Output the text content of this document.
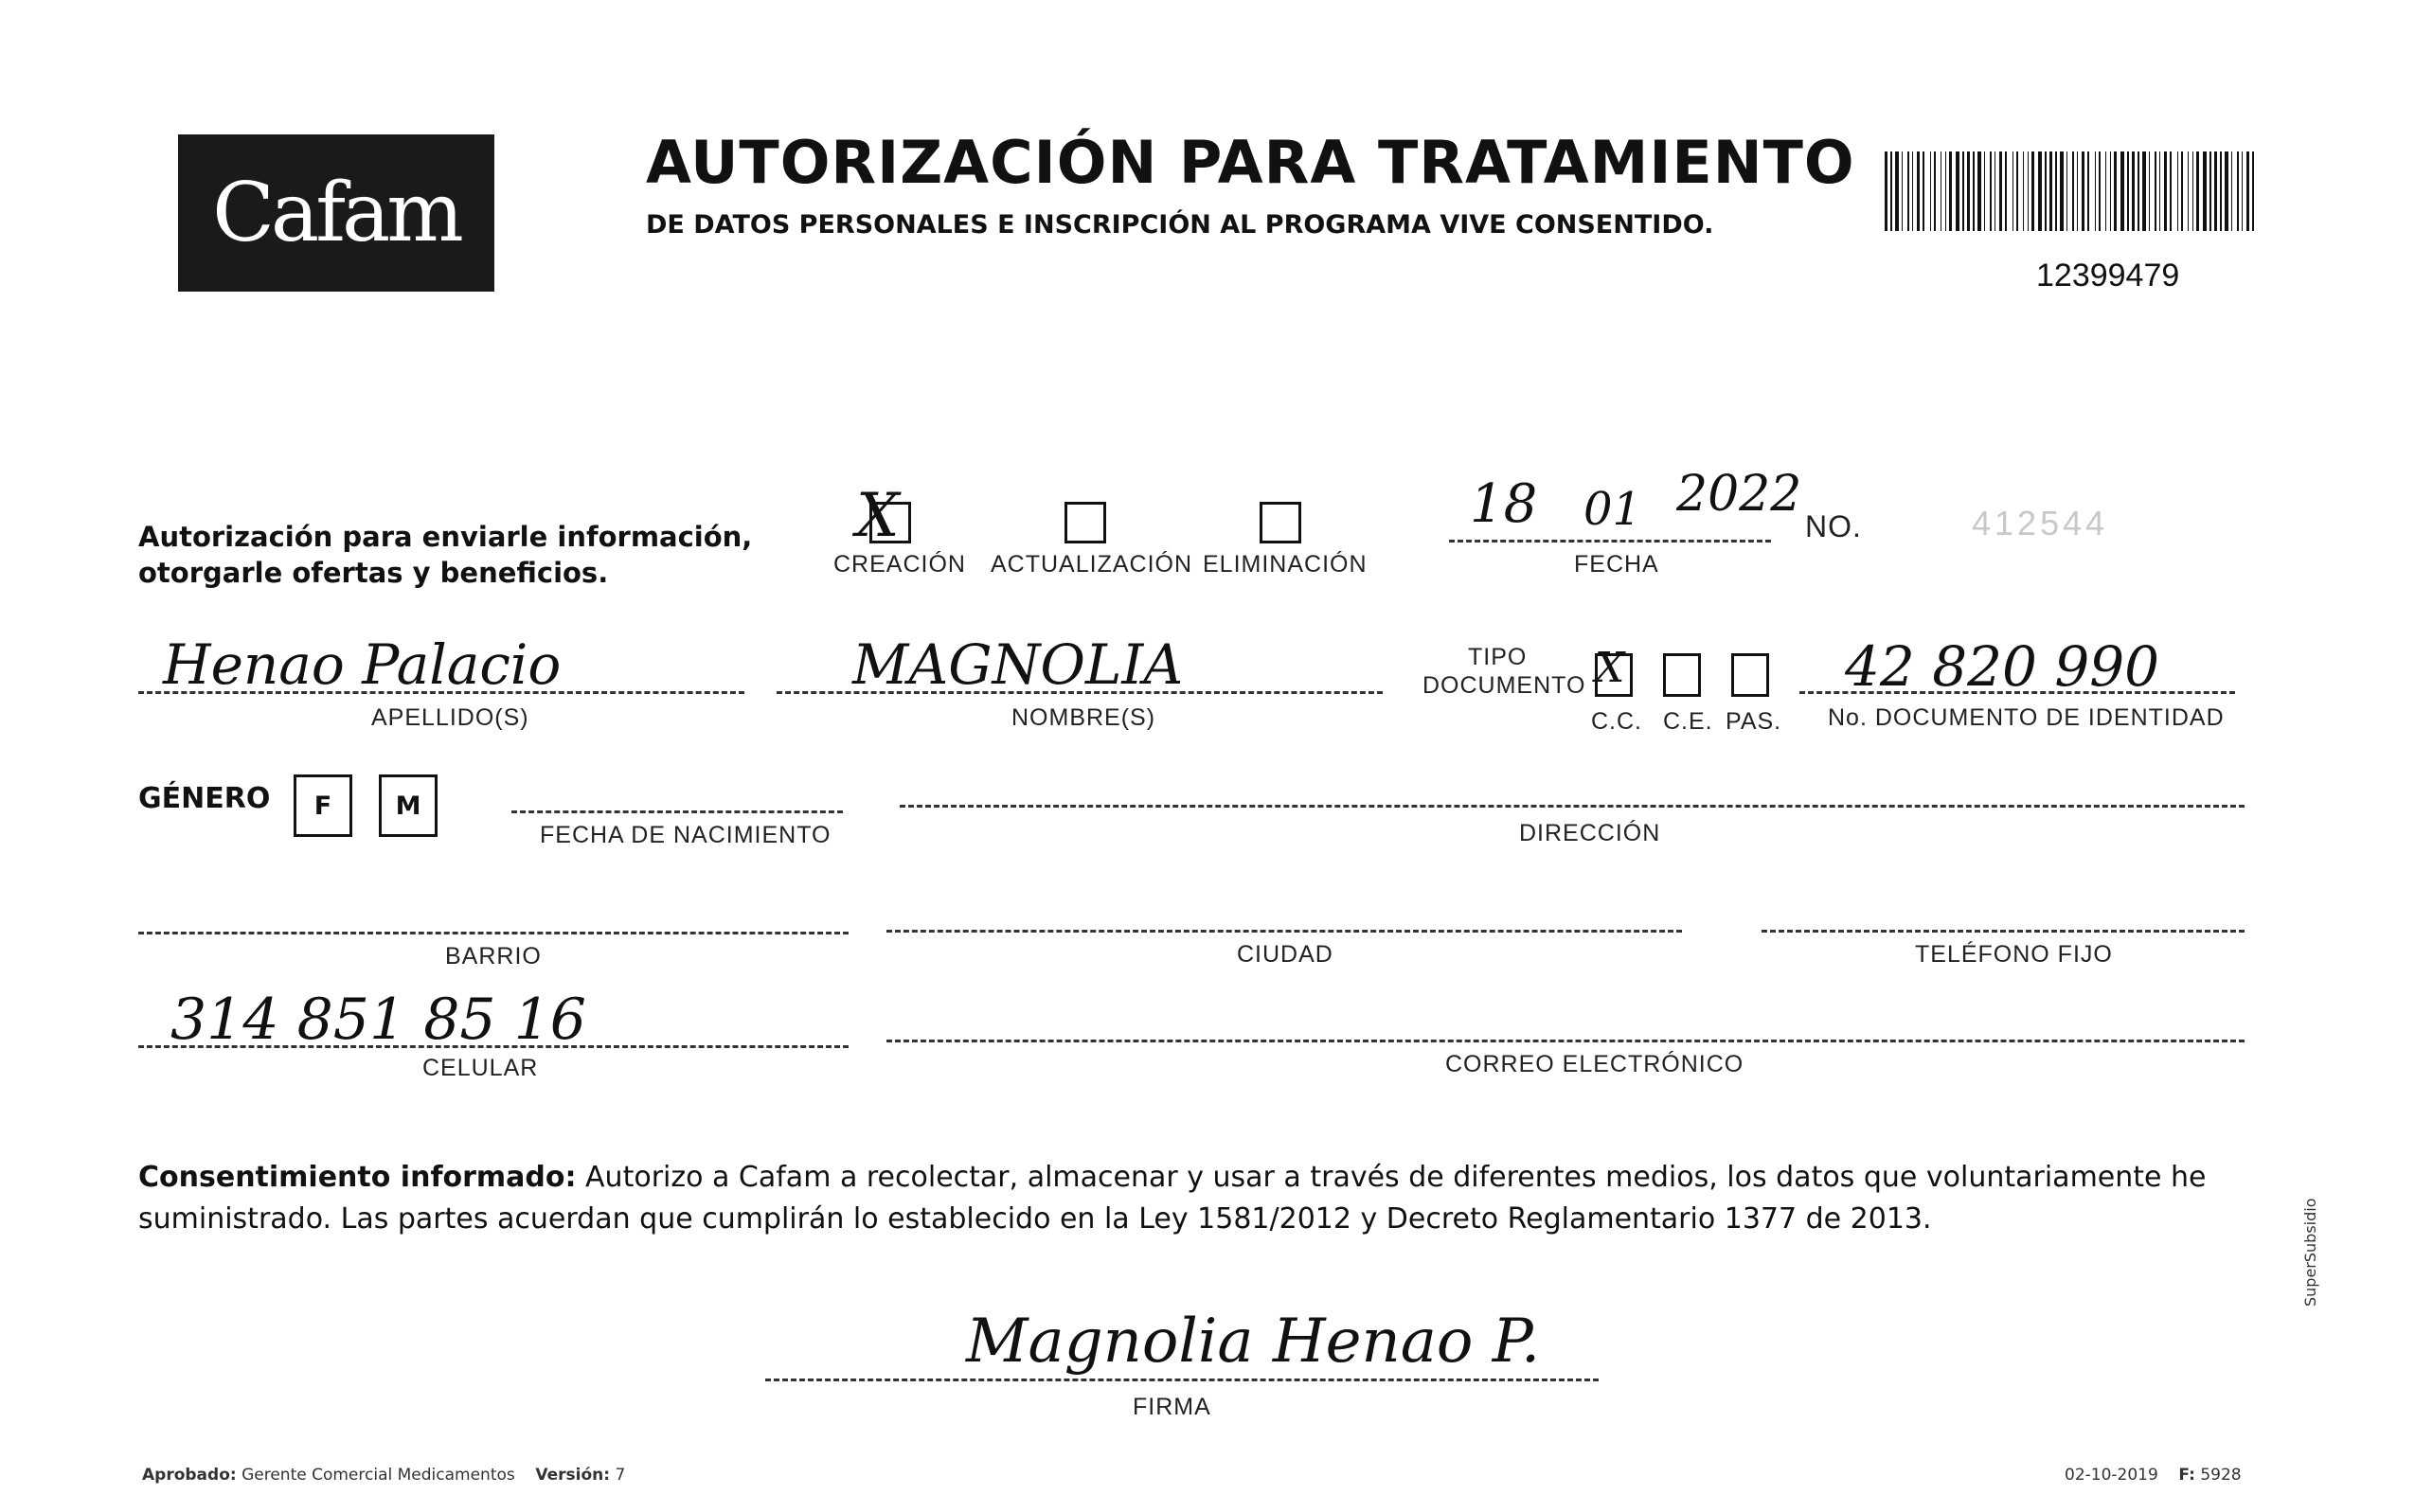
Cafam
AUTORIZACIÓN PARA TRATAMIENTO
DE DATOS PERSONALES E INSCRIPCIÓN AL PROGRAMA VIVE CONSENTIDO.
12399479
Autorización para enviarle información,
otorgarle ofertas y beneficios.
X
CREACIÓN ACTUALIZACIÓN ELIMINACIÓN
18 01 2022
FECHA
NO.	412544
Henao Palacio
APELLIDO(S)
MAGNOLIA
NOMBRE(S)
TIPO
DOCUMENTO X
C.C. C.E. PAS.
42 820 990
No. DOCUMENTO DE IDENTIDAD
GÉNERO	F	M
FECHA DE NACIMIENTO	DIRECCIÓN
BARRIO	CIUDAD	TELÉFONO FIJO
314 851 85 16
CELULAR	CORREO ELECTRÓNICO
Consentimiento informado: Autorizo a Cafam a recolectar, almacenar y usar a través de diferentes medios, los datos que voluntariamente he suministrado. Las partes acuerdan que cumplirán lo establecido en la Ley 1581/2012 y Decreto Reglamentario 1377 de 2013.
Magnolia Henao P.
FIRMA
Aprobado: Gerente Comercial Medicamentos Versión: 7	02-10-2019 F: 5928
SuperSubsidio
